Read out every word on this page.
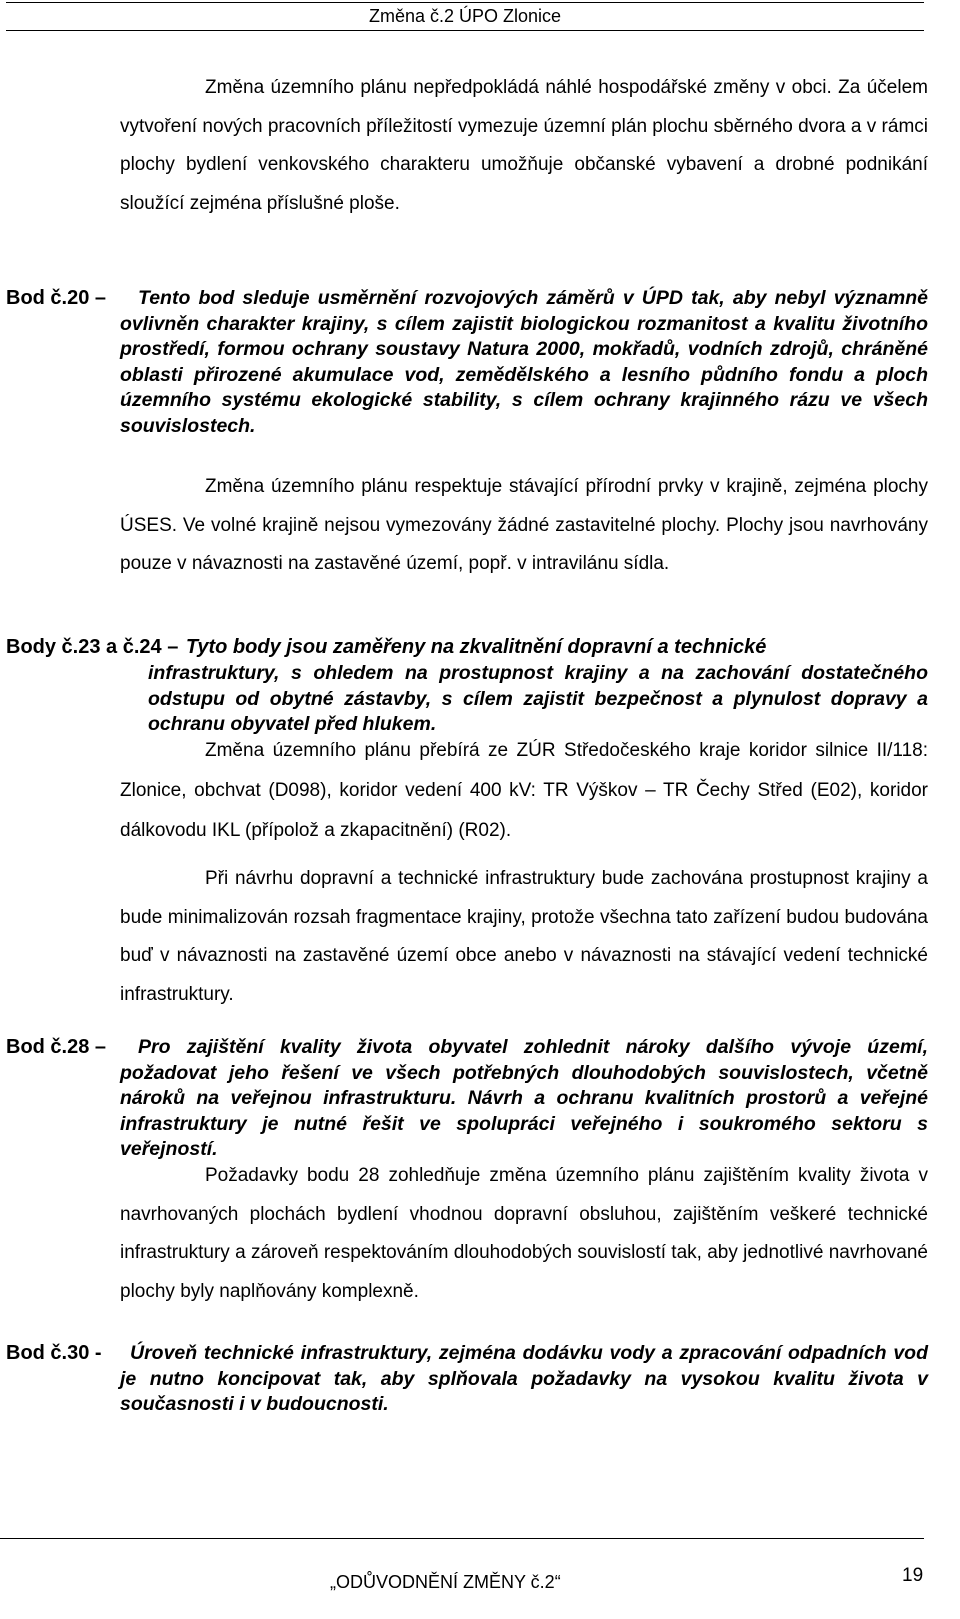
Změna č.2 ÚPO Zlonice
Změna územního plánu nepředpokládá náhlé hospodářské změny v obci. Za účelem vytvoření nových pracovních příležitostí vymezuje územní plán plochu sběrného dvora a v rámci plochy bydlení venkovského charakteru umožňuje občanské vybavení a drobné podnikání sloužící zejména příslušné ploše.
Bod č.20 –	Tento bod sleduje usměrnění rozvojových záměrů v ÚPD tak, aby nebyl významně ovlivněn charakter krajiny, s cílem zajistit biologickou rozmanitost a kvalitu životního prostředí, formou ochrany soustavy Natura 2000, mokřadů, vodních zdrojů, chráněné oblasti přirozené akumulace vod, zemědělského a lesního půdního fondu a ploch územního systému ekologické stability, s cílem ochrany krajinného rázu ve všech souvislostech.
Změna územního plánu respektuje stávající přírodní prvky v krajině, zejména plochy ÚSES. Ve volné krajině nejsou vymezovány žádné zastavitelné plochy. Plochy jsou navrhovány pouze v návaznosti na zastavěné území, popř. v intravilánu sídla.
Body č.23 a č.24 – Tyto body jsou zaměřeny na zkvalitnění dopravní a technické
infrastruktury, s ohledem na prostupnost krajiny a na zachování dostatečného odstupu od obytné zástavby, s cílem zajistit bezpečnost a plynulost dopravy a ochranu obyvatel před hlukem.
Změna územního plánu přebírá ze ZÚR Středočeského kraje koridor silnice II/118: Zlonice, obchvat (D098), koridor vedení 400 kV: TR Výškov – TR Čechy Střed (E02), koridor dálkovodu IKL (přípolož a zkapacitnění) (R02).
Při návrhu dopravní a technické infrastruktury bude zachována prostupnost krajiny a bude minimalizován rozsah fragmentace krajiny, protože všechna tato zařízení budou budována buď v návaznosti na zastavěné území obce anebo v návaznosti na stávající vedení technické infrastruktury.
Bod č.28 –	Pro zajištění kvality života obyvatel zohlednit nároky dalšího vývoje území, požadovat jeho řešení ve všech potřebných dlouhodobých souvislostech, včetně nároků na veřejnou infrastrukturu. Návrh a ochranu kvalitních prostorů a veřejné infrastruktury je nutné řešit ve spolupráci veřejného i soukromého sektoru s veřejností.
Požadavky bodu 28 zohledňuje změna územního plánu zajištěním kvality života v navrhovaných plochách bydlení vhodnou dopravní obsluhou, zajištěním veškeré technické infrastruktury a zároveň respektováním dlouhodobých souvislostí tak, aby jednotlivé navrhované plochy byly naplňovány komplexně.
Bod č.30 -	Úroveň technické infrastruktury, zejména dodávku vody a zpracování odpadních vod je nutno koncipovat tak, aby splňovala požadavky na vysokou kvalitu života v současnosti i v budoucnosti.
„ODŮVODNĚNÍ ZMĚNY č.2“	19
